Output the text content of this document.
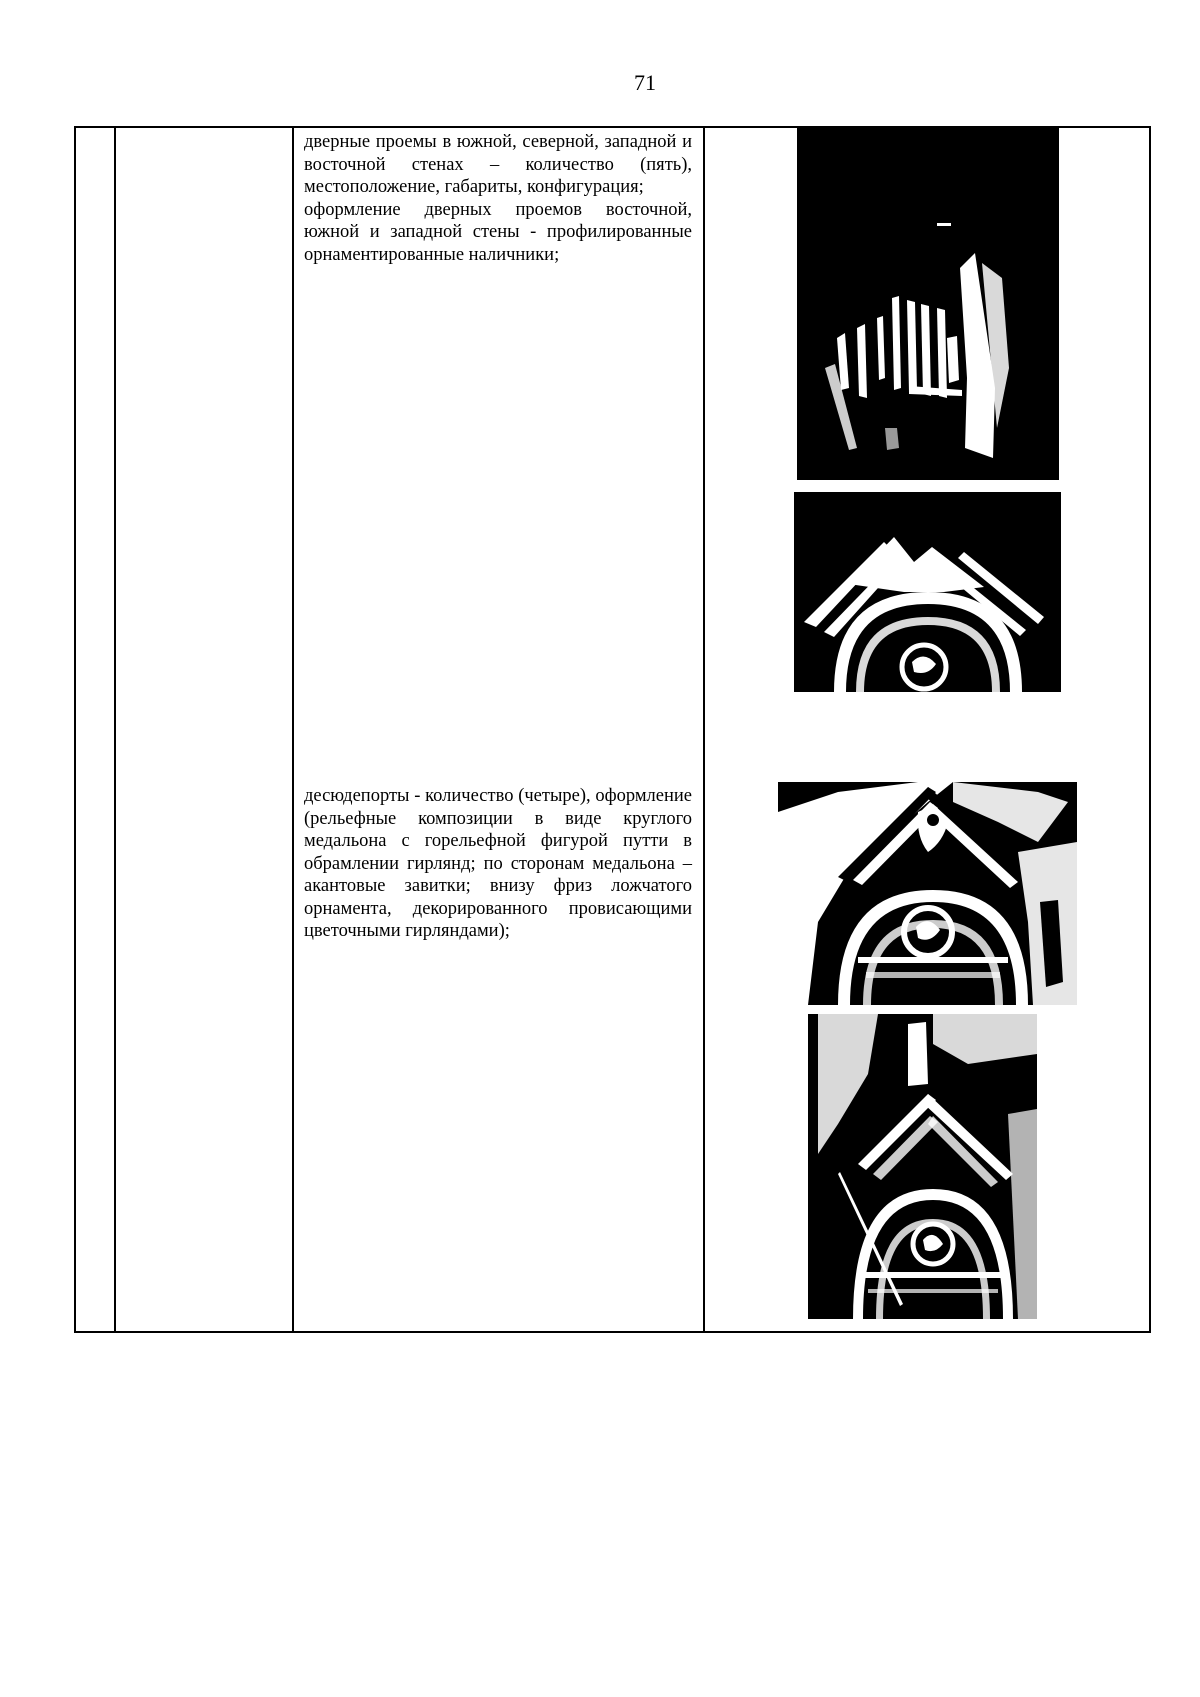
71

дверные проемы в южной, северной, западной и восточной стенах – количество (пять), местоположение, габариты, конфигурация;

оформление дверных проемов восточной, южной и западной стены - профилированные орнаментированные наличники;

десюдепорты - количество (четыре), оформление (рельефные композиции в виде круглого медальона с горельефной фигурой путти в обрамлении гирлянд; по сторонам медальона – акантовые завитки; внизу фриз ложчатого орнамента, декорированного провисающими цветочными гирляндами);
